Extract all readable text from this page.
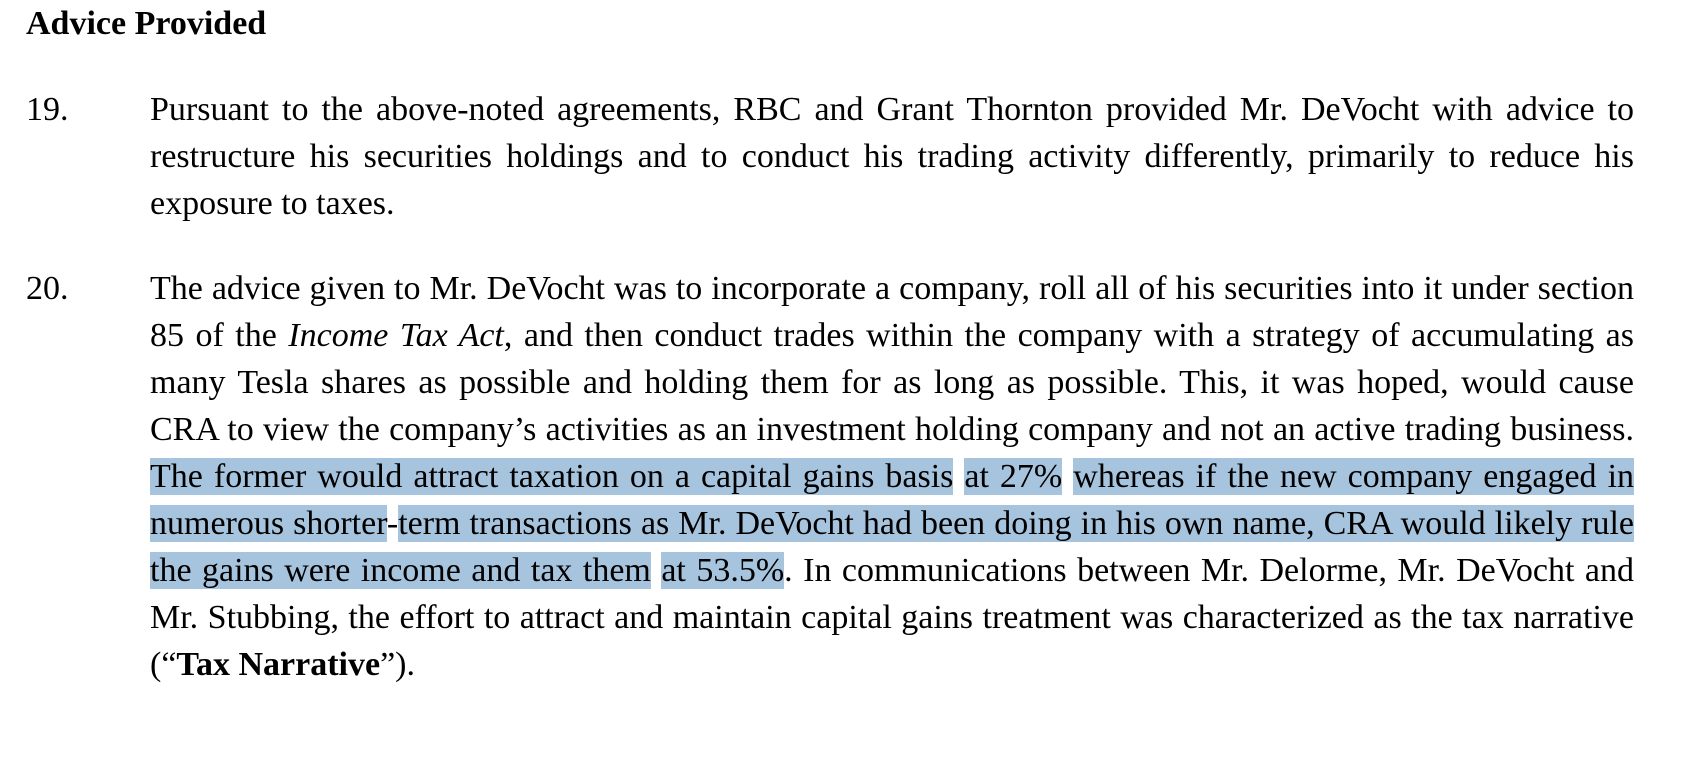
Advice Provided
19.	Pursuant to the above-noted agreements, RBC and Grant Thornton provided Mr. DeVocht with advice to restructure his securities holdings and to conduct his trading activity differently, primarily to reduce his exposure to taxes.
20.	The advice given to Mr. DeVocht was to incorporate a company, roll all of his securities into it under section 85 of the Income Tax Act, and then conduct trades within the company with a strategy of accumulating as many Tesla shares as possible and holding them for as long as possible. This, it was hoped, would cause CRA to view the company’s activities as an investment holding company and not an active trading business. The former would attract taxation on a capital gains basis at 27% whereas if the new company engaged in numerous shorter-term transactions as Mr. DeVocht had been doing in his own name, CRA would likely rule the gains were income and tax them at 53.5%. In communications between Mr. Delorme, Mr. DeVocht and Mr. Stubbing, the effort to attract and maintain capital gains treatment was characterized as the tax narrative (“Tax Narrative”).
